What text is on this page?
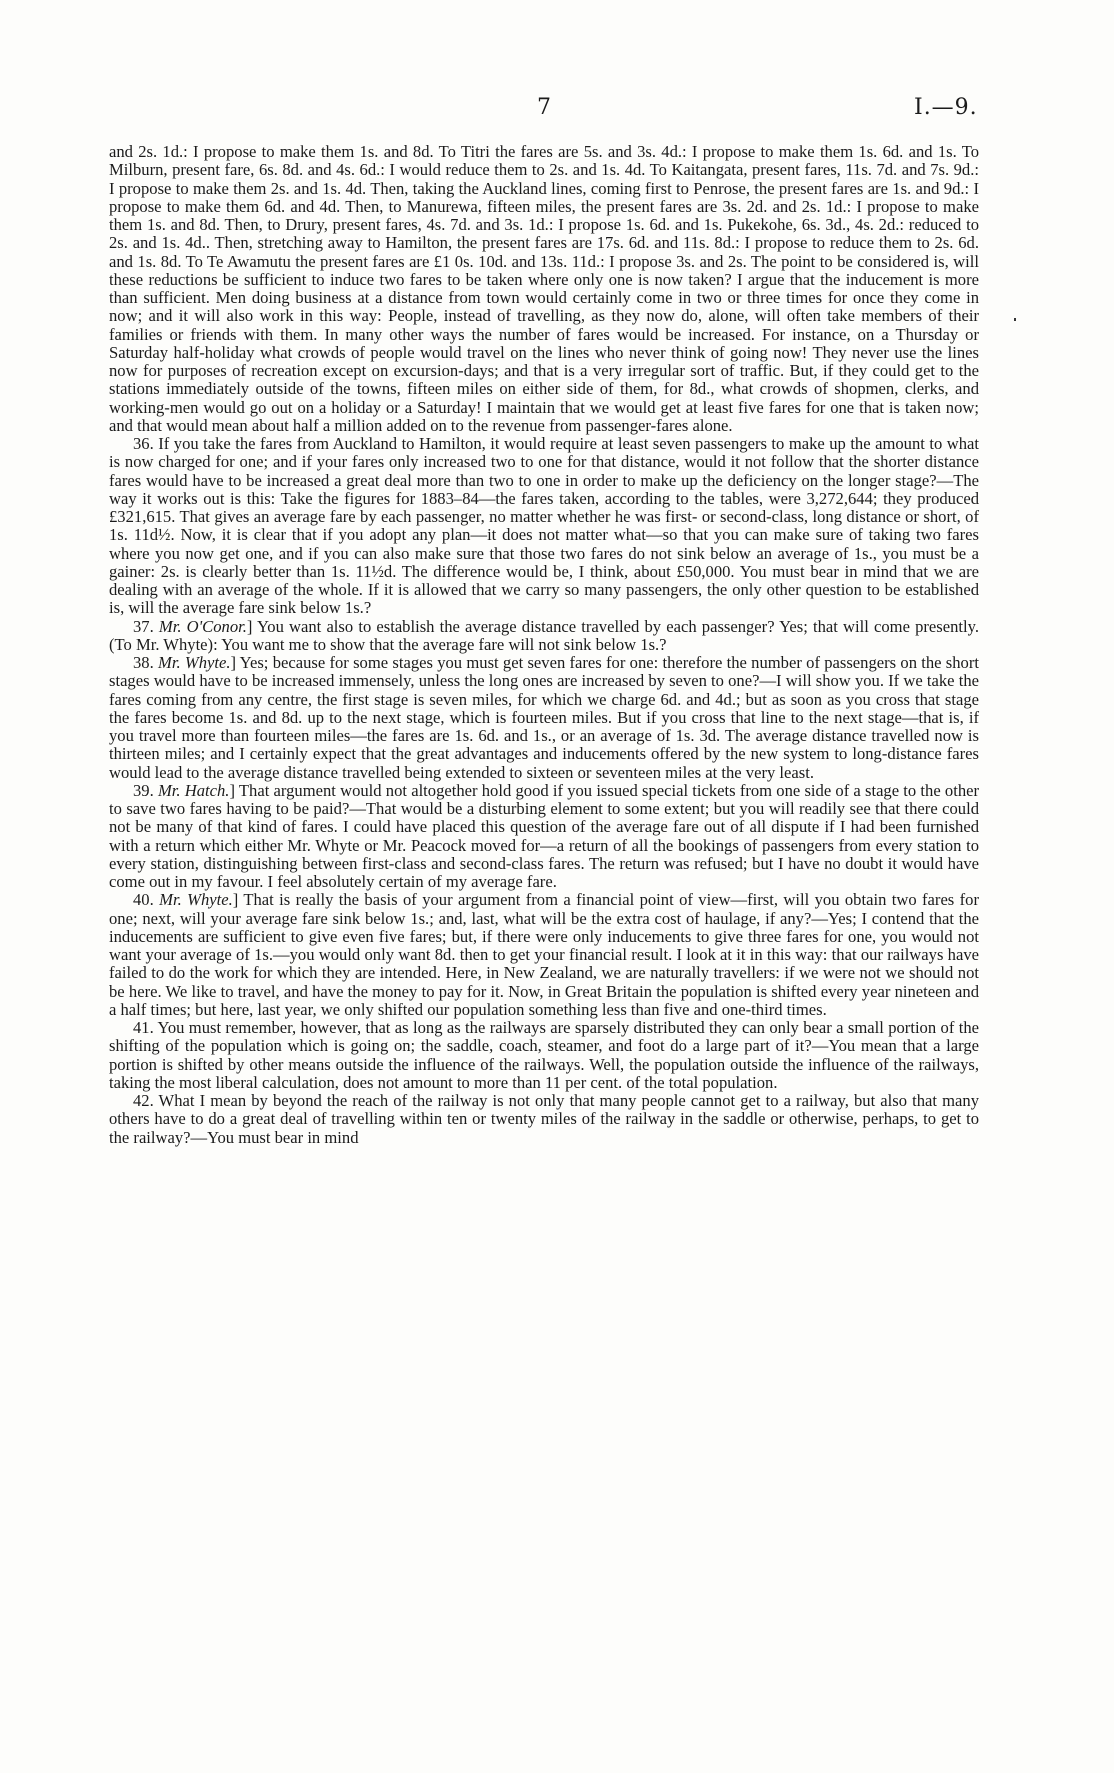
7	I.—9.

and 2s. 1d.: I propose to make them 1s. and 8d. To Titri the fares are 5s. and 3s. 4d.: I propose to make them 1s. 6d. and 1s. To Milburn, present fare, 6s. 8d. and 4s. 6d.: I would reduce them to 2s. and 1s. 4d. To Kaitangata, present fares, 11s. 7d. and 7s. 9d.: I propose to make them 2s. and 1s. 4d. Then, taking the Auckland lines, coming first to Penrose, the present fares are 1s. and 9d.: I propose to make them 6d. and 4d. Then, to Manurewa, fifteen miles, the present fares are 3s. 2d. and 2s. 1d.: I propose to make them 1s. and 8d. Then, to Drury, present fares, 4s. 7d. and 3s. 1d.: I propose 1s. 6d. and 1s. Pukekohe, 6s. 3d., 4s. 2d.: reduced to 2s. and 1s. 4d.. Then, stretching away to Hamilton, the present fares are 17s. 6d. and 11s. 8d.: I propose to reduce them to 2s. 6d. and 1s. 8d. To Te Awamutu the present fares are £1 0s. 10d. and 13s. 11d.: I propose 3s. and 2s. The point to be considered is, will these reductions be sufficient to induce two fares to be taken where only one is now taken? I argue that the inducement is more than sufficient. Men doing business at a distance from town would certainly come in two or three times for once they come in now; and it will also work in this way: People, instead of travelling, as they now do, alone, will often take members of their families or friends with them. In many other ways the number of fares would be increased. For instance, on a Thursday or Saturday half-holiday what crowds of people would travel on the lines who never think of going now! They never use the lines now for purposes of recreation except on excursion-days; and that is a very irregular sort of traffic. But, if they could get to the stations immediately outside of the towns, fifteen miles on either side of them, for 8d., what crowds of shopmen, clerks, and working-men would go out on a holiday or a Saturday! I maintain that we would get at least five fares for one that is taken now; and that would mean about half a million added on to the revenue from passenger-fares alone.

36. If you take the fares from Auckland to Hamilton, it would require at least seven passengers to make up the amount to what is now charged for one; and if your fares only increased two to one for that distance, would it not follow that the shorter distance fares would have to be increased a great deal more than two to one in order to make up the deficiency on the longer stage?—The way it works out is this: Take the figures for 1883–84—the fares taken, according to the tables, were 3,272,644; they produced £321,615. That gives an average fare by each passenger, no matter whether he was first- or second-class, long distance or short, of 1s. 11d½. Now, it is clear that if you adopt any plan—it does not matter what—so that you can make sure of taking two fares where you now get one, and if you can also make sure that those two fares do not sink below an average of 1s., you must be a gainer: 2s. is clearly better than 1s. 11½d. The difference would be, I think, about £50,000. You must bear in mind that we are dealing with an average of the whole. If it is allowed that we carry so many passengers, the only other question to be established is, will the average fare sink below 1s.?

37. Mr. O'Conor.] You want also to establish the average distance travelled by each passenger? Yes; that will come presently. (To Mr. Whyte): You want me to show that the average fare will not sink below 1s.?

38. Mr. Whyte.] Yes; because for some stages you must get seven fares for one: therefore the number of passengers on the short stages would have to be increased immensely, unless the long ones are increased by seven to one?—I will show you. If we take the fares coming from any centre, the first stage is seven miles, for which we charge 6d. and 4d.; but as soon as you cross that stage the fares become 1s. and 8d. up to the next stage, which is fourteen miles. But if you cross that line to the next stage—that is, if you travel more than fourteen miles—the fares are 1s. 6d. and 1s., or an average of 1s. 3d. The average distance travelled now is thirteen miles; and I certainly expect that the great advantages and inducements offered by the new system to long-distance fares would lead to the average distance travelled being extended to sixteen or seventeen miles at the very least.

39. Mr. Hatch.] That argument would not altogether hold good if you issued special tickets from one side of a stage to the other to save two fares having to be paid?—That would be a disturbing element to some extent; but you will readily see that there could not be many of that kind of fares. I could have placed this question of the average fare out of all dispute if I had been furnished with a return which either Mr. Whyte or Mr. Peacock moved for—a return of all the bookings of passengers from every station to every station, distinguishing between first-class and second-class fares. The return was refused; but I have no doubt it would have come out in my favour. I feel absolutely certain of my average fare.

40. Mr. Whyte.] That is really the basis of your argument from a financial point of view—first, will you obtain two fares for one; next, will your average fare sink below 1s.; and, last, what will be the extra cost of haulage, if any?—Yes; I contend that the inducements are sufficient to give even five fares; but, if there were only inducements to give three fares for one, you would not want your average of 1s.—you would only want 8d. then to get your financial result. I look at it in this way: that our railways have failed to do the work for which they are intended. Here, in New Zealand, we are naturally travellers: if we were not we should not be here. We like to travel, and have the money to pay for it. Now, in Great Britain the population is shifted every year nineteen and a half times; but here, last year, we only shifted our population something less than five and one-third times.

41. You must remember, however, that as long as the railways are sparsely distributed they can only bear a small portion of the shifting of the population which is going on; the saddle, coach, steamer, and foot do a large part of it?—You mean that a large portion is shifted by other means outside the influence of the railways. Well, the population outside the influence of the railways, taking the most liberal calculation, does not amount to more than 11 per cent. of the total population.

42. What I mean by beyond the reach of the railway is not only that many people cannot get to a railway, but also that many others have to do a great deal of travelling within ten or twenty miles of the railway in the saddle or otherwise, perhaps, to get to the railway?—You must bear in mind
